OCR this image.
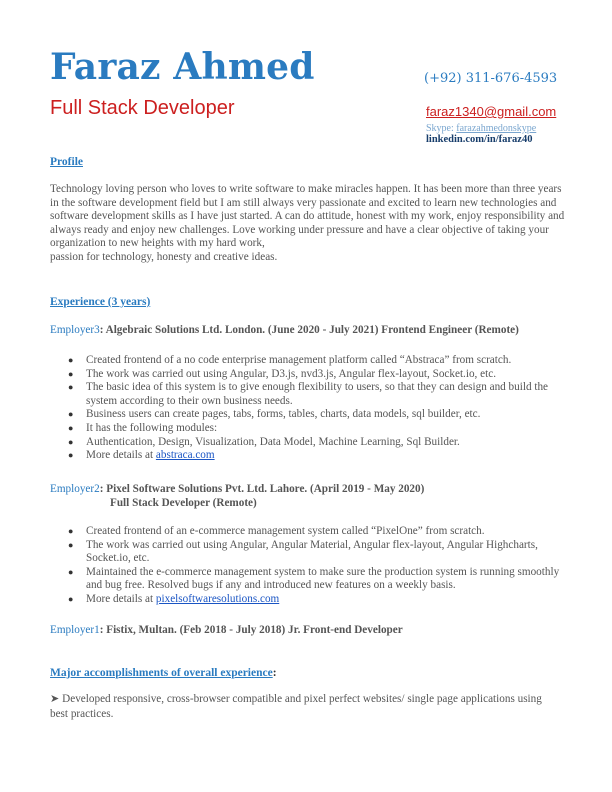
Faraz Ahmed
Full Stack Developer
(+92) 311-676-4593
faraz1340@gmail.com
Skype: farazahmedonskype
linkedin.com/in/faraz40
Profile
Technology loving person who loves to write software to make miracles happen. It has been more than three years in the software development field but I am still always very passionate and excited to learn new technologies and software development skills as I have just started. A can do attitude, honest with my work, enjoy responsibility and always ready and enjoy new challenges. Love working under pressure and have a clear objective of taking your organization to new heights with my hard work,
passion for technology, honesty and creative ideas.
Experience (3 years)
Employer3: Algebraic Solutions Ltd. London. (June 2020 - July 2021) Frontend Engineer (Remote)
● Created frontend of a no code enterprise management platform called “Abstraca” from scratch.
● The work was carried out using Angular, D3.js, nvd3.js, Angular flex-layout, Socket.io, etc.
● The basic idea of this system is to give enough flexibility to users, so that they can design and build the system according to their own business needs.
● Business users can create pages, tabs, forms, tables, charts, data models, sql builder, etc.
● It has the following modules:
● Authentication, Design, Visualization, Data Model, Machine Learning, Sql Builder.
● More details at abstraca.com
Employer2: Pixel Software Solutions Pvt. Ltd. Lahore. (April 2019 - May 2020)
Full Stack Developer (Remote)
● Created frontend of an e-commerce management system called “PixelOne” from scratch.
● The work was carried out using Angular, Angular Material, Angular flex-layout, Angular Highcharts, Socket.io, etc.
● Maintained the e-commerce management system to make sure the production system is running smoothly and bug free. Resolved bugs if any and introduced new features on a weekly basis.
● More details at pixelsoftwaresolutions.com
Employer1: Fistix, Multan. (Feb 2018 - July 2018) Jr. Front-end Developer
Major accomplishments of overall experience:
➤ Developed responsive, cross-browser compatible and pixel perfect websites/ single page applications using best practices.
